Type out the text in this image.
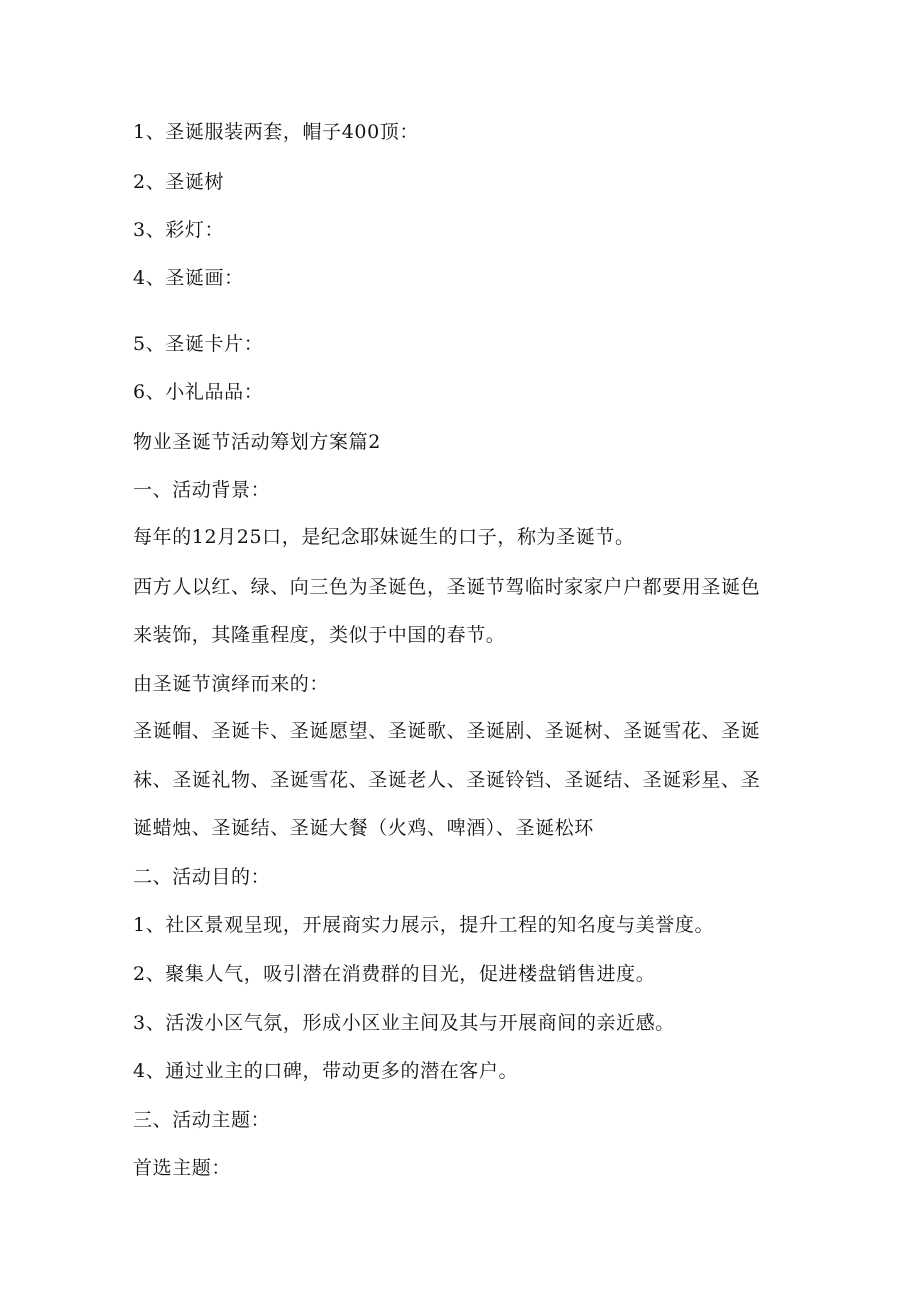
1、圣诞服装两套，帽子400顶：
2、圣诞树
3、彩灯：
4、圣诞画：
5、圣诞卡片：
6、小礼品品：
物业圣诞节活动筹划方案篇2
一、活动背景：
每年的12月25口，是纪念耶妹诞生的口子，称为圣诞节。
西方人以红、绿、向三色为圣诞色，圣诞节驾临时家家户户都要用圣诞色
来装饰，其隆重程度，类似于中国的春节。
由圣诞节演绎而来的：
圣诞帽、圣诞卡、圣诞愿望、圣诞歌、圣诞剧、圣诞树、圣诞雪花、圣诞
袜、圣诞礼物、圣诞雪花、圣诞老人、圣诞铃铛、圣诞结、圣诞彩星、圣
诞蜡烛、圣诞结、圣诞大餐（火鸡、啤酒）、圣诞松环
二、活动目的：
1、社区景观呈现，开展商实力展示，提升工程的知名度与美誉度。
2、聚集人气，吸引潜在消费群的目光，促进楼盘销售进度。
3、活泼小区气氛，形成小区业主间及其与开展商间的亲近感。
4、通过业主的口碑，带动更多的潜在客户。
三、活动主题：
首选主题：
